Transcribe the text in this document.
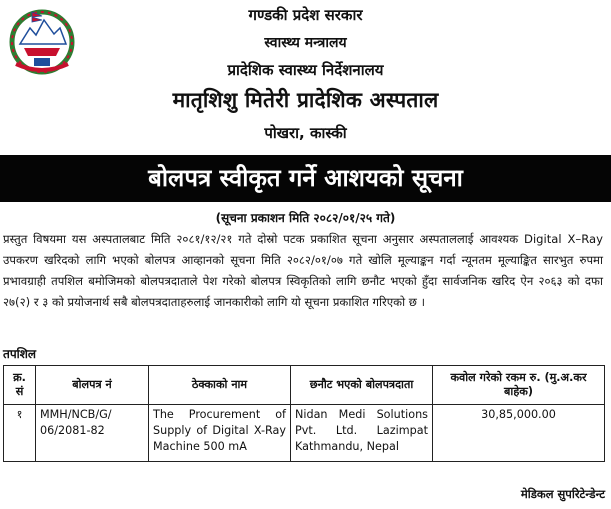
गण्डकी प्रदेश सरकार
स्वास्थ्य मन्त्रालय
प्रादेशिक स्वास्थ्य निर्देशनालय
मातृशिशु मितेरी प्रादेशिक अस्पताल
पोखरा, कास्की
बोलपत्र स्वीकृत गर्ने आशयको सूचना
(सूचना प्रकाशन मिति २०८२/०१/२५ गते)
प्रस्तुत विषयमा यस अस्पतालबाट मिति २०८१/१२/२१ गते दोस्रो पटक प्रकाशित सूचना अनुसार अस्पताललाई आवश्यक Digital X–Ray उपकरण खरिदको लागि भएको बोलपत्र आव्हानको सूचना मिति २०८२/०१/०७ गते खोलि मूल्याङ्कन गर्दा न्यूनतम मूल्याङ्कित सारभुत रुपमा प्रभावग्राही तपशिल बमोजिमको बोलपत्रदाताले पेश गरेको बोलपत्र स्विकृतिको लागि छनौट भएको हुँदा सार्वजनिक खरिद ऐन २०६३ को दफा २७(२) र ३ को प्रयोजनार्थ सबै बोलपत्रदाताहरुलाई जानकारीको लागि यो सूचना प्रकाशित गरिएको छ ।
तपशिल
क्र. सं	बोलपत्र नं	ठेक्काको नाम	छनौट भएको बोलपत्रदाता	कवोल गरेको रकम रु. (मु.अ.कर बाहेक)
१	MMH/NCB/G/ 06/2081-82	The Procurement of Supply of Digital X-Ray Machine 500 mA	Nidan Medi Solutions Pvt. Ltd. Lazimpat Kathmandu, Nepal	30,85,000.00
मेडिकल सुपरिटेन्डेन्ट
